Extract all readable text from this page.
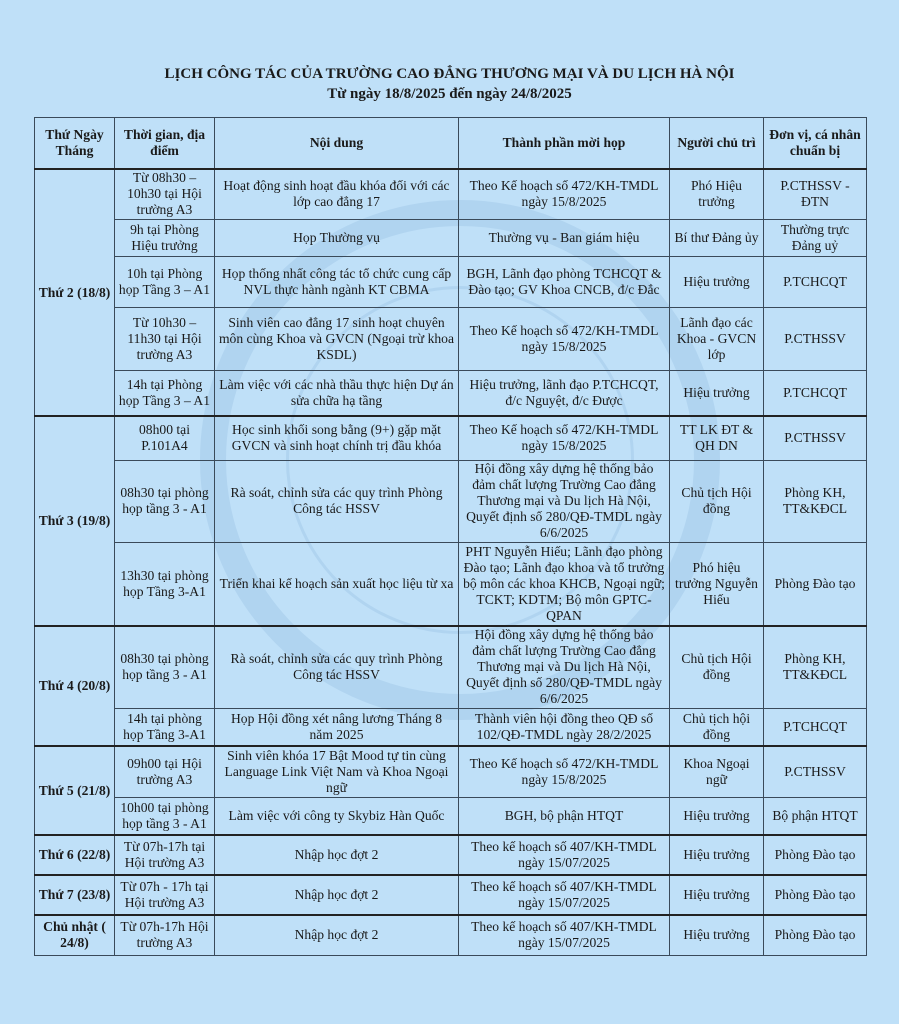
LỊCH CÔNG TÁC CỦA TRƯỜNG CAO ĐẲNG THƯƠNG MẠI VÀ DU LỊCH HÀ NỘI
Từ ngày 18/8/2025 đến ngày 24/8/2025
Thứ Ngày Tháng	Thời gian, địa điểm	Nội dung	Thành phần mời họp	Người chủ trì	Đơn vị, cá nhân chuẩn bị
Thứ 2 (18/8)	Từ 08h30 – 10h30 tại Hội trường A3	Hoạt động sinh hoạt đầu khóa đối với các lớp cao đẳng 17	Theo Kế hoạch số 472/KH-TMDL ngày 15/8/2025	Phó Hiệu trưởng	P.CTHSSV - ĐTN
	9h tại Phòng Hiệu trưởng	Họp Thường vụ	Thường vụ - Ban giám hiệu	Bí thư Đảng ủy	Thường trực Đảng uỷ
	10h tại Phòng họp Tầng 3 – A1	Họp thống nhất công tác tổ chức cung cấp NVL thực hành ngành KT CBMA	BGH, Lãnh đạo phòng TCHCQT & Đào tạo; GV Khoa CNCB, đ/c Đắc	Hiệu trưởng	P.TCHCQT
	Từ 10h30 – 11h30 tại Hội trường A3	Sinh viên cao đẳng 17 sinh hoạt chuyên môn cùng Khoa và GVCN (Ngoại trừ khoa KSDL)	Theo Kế hoạch số 472/KH-TMDL ngày 15/8/2025	Lãnh đạo các Khoa - GVCN lớp	P.CTHSSV
	14h tại Phòng họp Tầng 3 – A1	Làm việc với các nhà thầu thực hiện Dự án sửa chữa hạ tầng	Hiệu trưởng, lãnh đạo P.TCHCQT, đ/c Nguyệt, đ/c Được	Hiệu trưởng	P.TCHCQT
Thứ 3 (19/8)	08h00 tại P.101A4	Học sinh khối song bằng (9+) gặp mặt GVCN và sinh hoạt chính trị đầu khóa	Theo Kế hoạch số 472/KH-TMDL ngày 15/8/2025	TT LK ĐT & QH DN	P.CTHSSV
	08h30 tại phòng họp tầng 3 - A1	Rà soát, chỉnh sửa các quy trình Phòng Công tác HSSV	Hội đồng xây dựng hệ thống bảo đảm chất lượng Trường Cao đẳng Thương mại và Du lịch Hà Nội, Quyết định số 280/QĐ-TMDL ngày 6/6/2025	Chủ tịch Hội đồng	Phòng KH, TT&KĐCL
	13h30 tại phòng họp Tầng 3-A1	Triển khai kế hoạch sản xuất học liệu từ xa	PHT Nguyễn Hiếu; Lãnh đạo phòng Đào tạo; Lãnh đạo khoa và tổ trưởng bộ môn các khoa KHCB, Ngoại ngữ; TCKT; KDTM; Bộ môn GPTC-QPAN	Phó hiệu trưởng Nguyễn Hiếu	Phòng Đào tạo
Thứ 4 (20/8)	08h30 tại phòng họp tầng 3 - A1	Rà soát, chỉnh sửa các quy trình Phòng Công tác HSSV	Hội đồng xây dựng hệ thống bảo đảm chất lượng Trường Cao đẳng Thương mại và Du lịch Hà Nội, Quyết định số 280/QĐ-TMDL ngày 6/6/2025	Chủ tịch Hội đồng	Phòng KH, TT&KĐCL
	14h tại phòng họp Tầng 3-A1	Họp Hội đồng xét nâng lương Tháng 8 năm 2025	Thành viên hội đồng theo QĐ số 102/QĐ-TMDL ngày 28/2/2025	Chủ tịch hội đồng	P.TCHCQT
Thứ 5 (21/8)	09h00 tại Hội trường A3	Sinh viên khóa 17 Bật Mood tự tin cùng Language Link Việt Nam và Khoa Ngoại ngữ	Theo Kế hoạch số 472/KH-TMDL ngày 15/8/2025	Khoa Ngoại ngữ	P.CTHSSV
	10h00 tại phòng họp tầng 3 - A1	Làm việc với công ty Skybiz Hàn Quốc	BGH, bộ phận HTQT	Hiệu trưởng	Bộ phận HTQT
Thứ 6 (22/8)	Từ 07h-17h tại Hội trường A3	Nhập học đợt 2	Theo kế hoạch số 407/KH-TMDL ngày 15/07/2025	Hiệu trưởng	Phòng Đào tạo
Thứ 7 (23/8)	Từ 07h - 17h tại Hội trường A3	Nhập học đợt 2	Theo kế hoạch số 407/KH-TMDL ngày 15/07/2025	Hiệu trưởng	Phòng Đào tạo
Chủ nhật ( 24/8)	Từ 07h-17h Hội trường A3	Nhập học đợt 2	Theo kế hoạch số 407/KH-TMDL ngày 15/07/2025	Hiệu trưởng	Phòng Đào tạo
